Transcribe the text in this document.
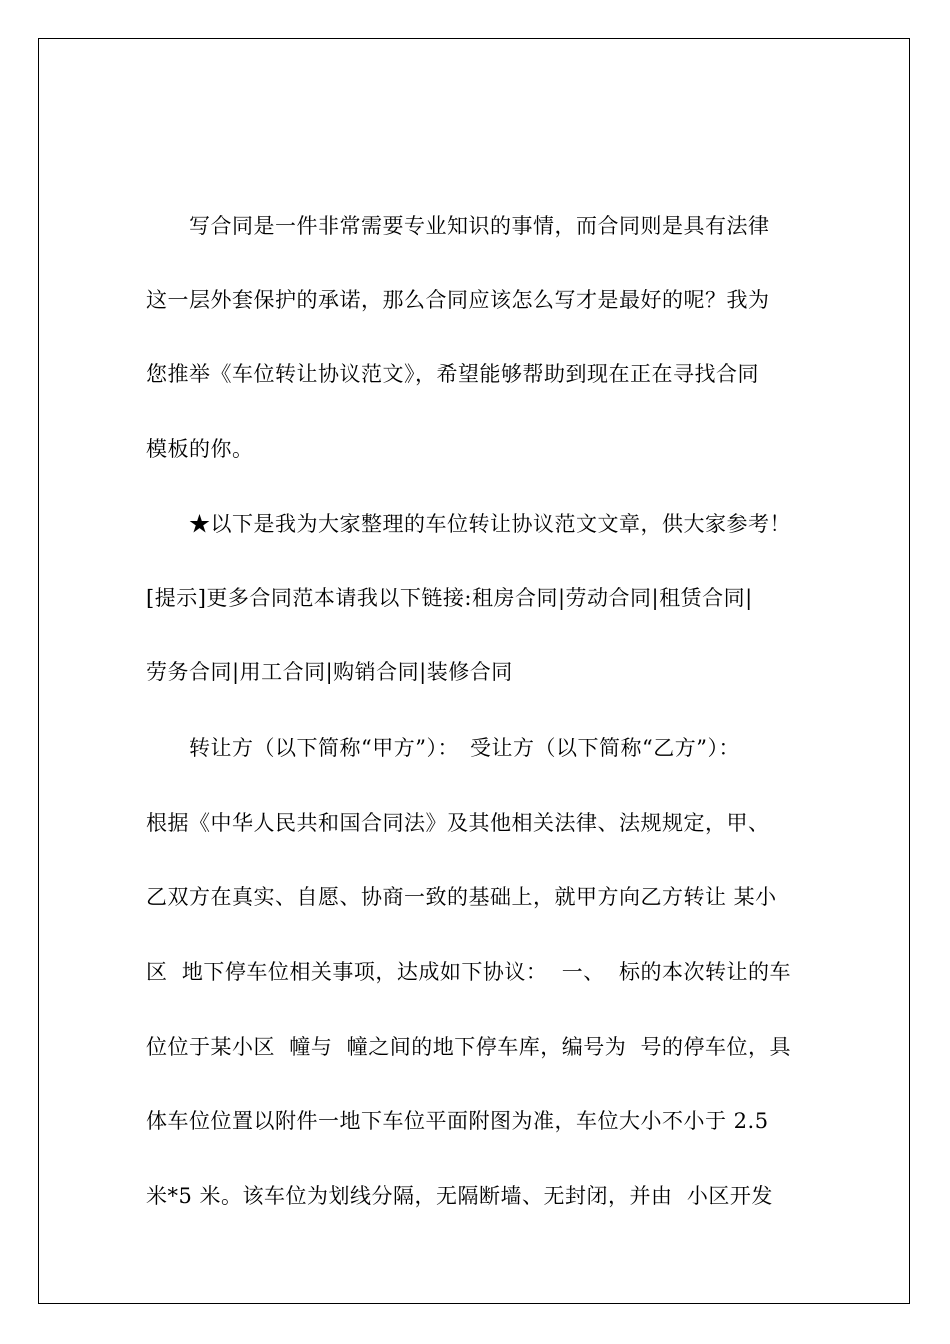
　　写合同是一件非常需要专业知识的事情，而合同则是具有法律
这一层外套保护的承诺，那么合同应该怎么写才是最好的呢？我为
您推举《车位转让协议范文》，希望能够帮助到现在正在寻找合同
模板的你。
　　★以下是我为大家整理的车位转让协议范文文章，供大家参考！
[提示]更多合同范本请我以下链接:租房合同|劳动合同|租赁合同|
劳务合同|用工合同|购销合同|装修合同
　　转让方（以下简称“甲方”）：　受让方（以下简称“乙方”）：
根据《中华人民共和国合同法》及其他相关法律、法规规定，甲、
乙双方在真实、自愿、协商一致的基础上，就甲方向乙方转让 某小
区  地下停车位相关事项，达成如下协议：  一、  标的本次转让的车
位位于某小区  幢与  幢之间的地下停车库，编号为  号的停车位，具
体车位位置以附件一地下车位平面附图为准，车位大小不小于 2.5
米*5 米。该车位为划线分隔，无隔断墙、无封闭，并由  小区开发
